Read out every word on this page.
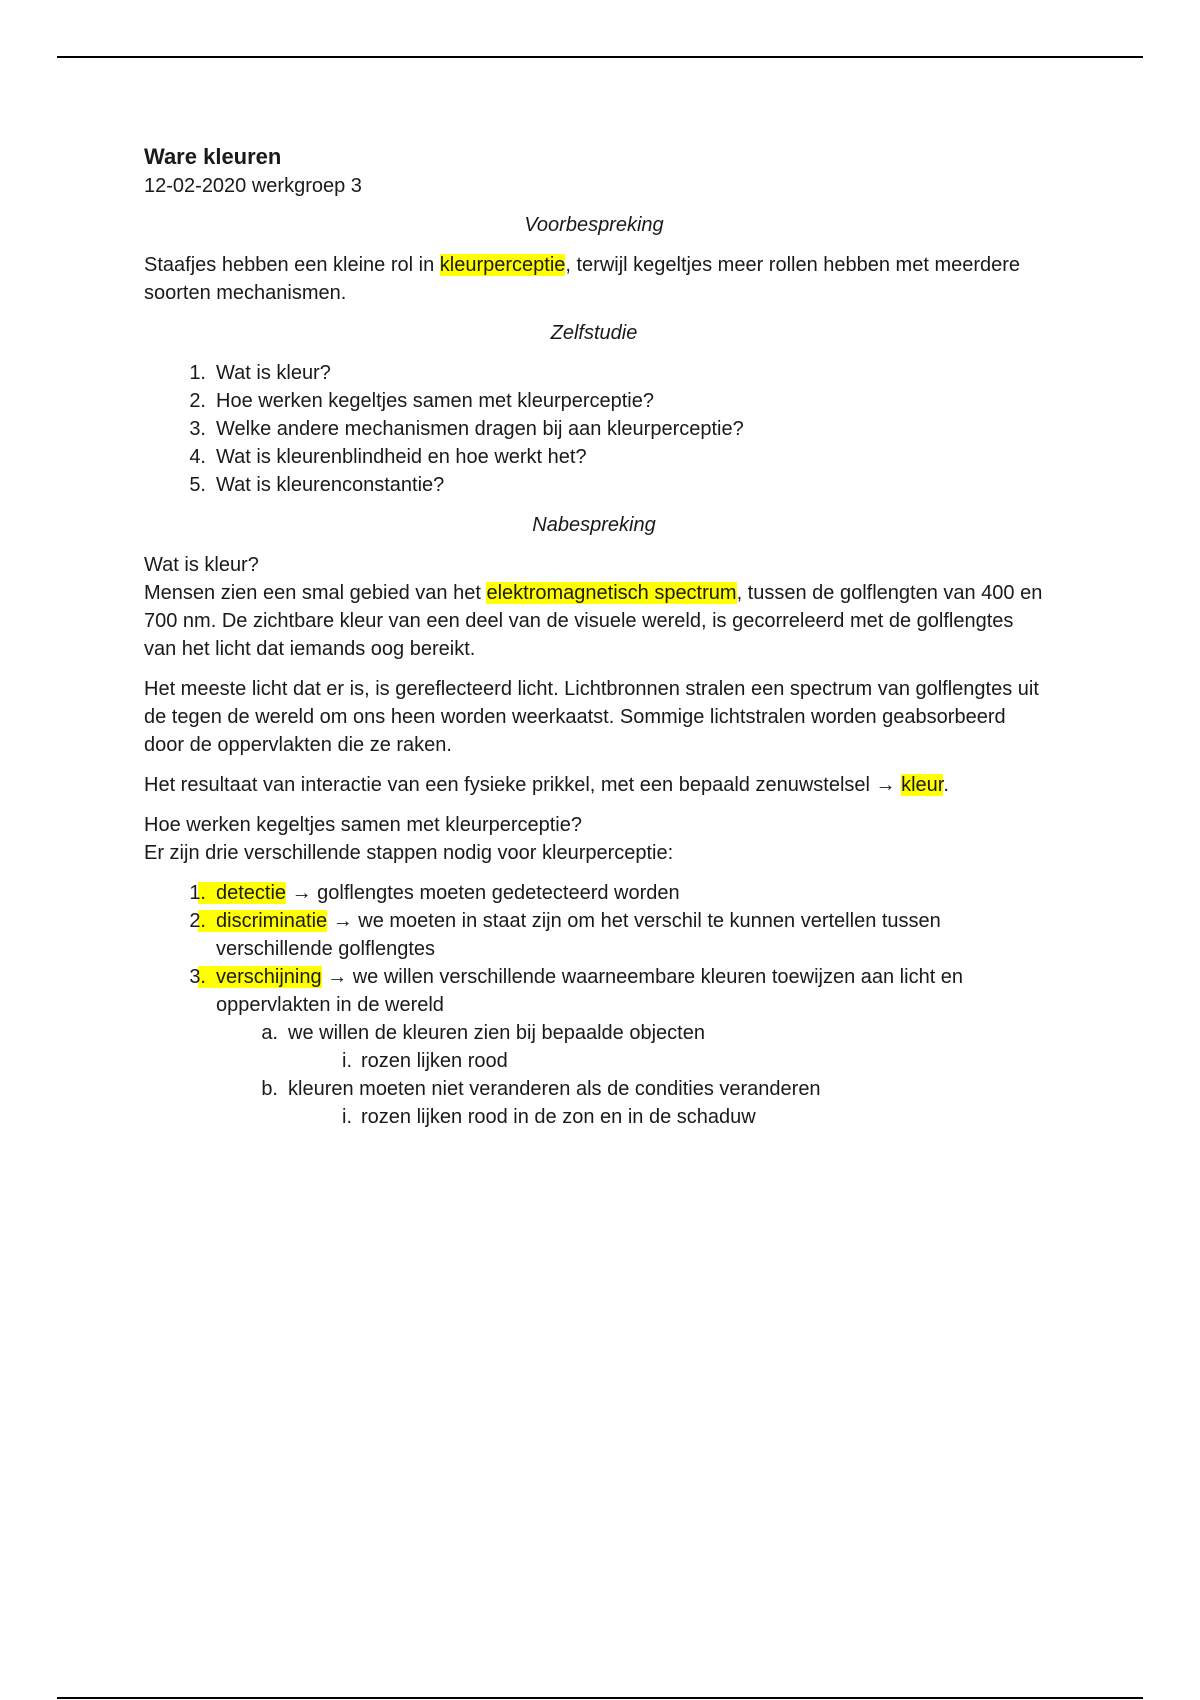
Ware kleuren
12-02-2020 werkgroep 3
Voorbespreking

Staafjes hebben een kleine rol in kleurperceptie, terwijl kegeltjes meer rollen hebben met meerdere soorten mechanismen.

Zelfstudie
1. Wat is kleur?
2. Hoe werken kegeltjes samen met kleurperceptie?
3. Welke andere mechanismen dragen bij aan kleurperceptie?
4. Wat is kleurenblindheid en hoe werkt het?
5. Wat is kleurenconstantie?
Nabespreking

Wat is kleur?

Mensen zien een smal gebied van het elektromagnetisch spectrum, tussen de golflengten van 400 en 700 nm. De zichtbare kleur van een deel van de visuele wereld, is gecorreleerd met de golflengtes van het licht dat iemands oog bereikt.

Het meeste licht dat er is, is gereflecteerd licht. Lichtbronnen stralen een spectrum van golflengtes uit de tegen de wereld om ons heen worden weerkaatst. Sommige lichtstralen worden geabsorbeerd door de oppervlakten die ze raken.

Het resultaat van interactie van een fysieke prikkel, met een bepaald zenuwstelsel → kleur.

Hoe werken kegeltjes samen met kleurperceptie?

Er zijn drie verschillende stappen nodig voor kleurperceptie:

1. detectie → golflengtes moeten gedetecteerd worden
2. discriminatie → we moeten in staat zijn om het verschil te kunnen vertellen tussen verschillende golflengtes
3. verschijning → we willen verschillende waarneembare kleuren toewijzen aan licht en oppervlakten in de wereld
a. we willen de kleuren zien bij bepaalde objecten
i. rozen lijken rood
b. kleuren moeten niet veranderen als de condities veranderen
i. rozen lijken rood in de zon en in de schaduw
